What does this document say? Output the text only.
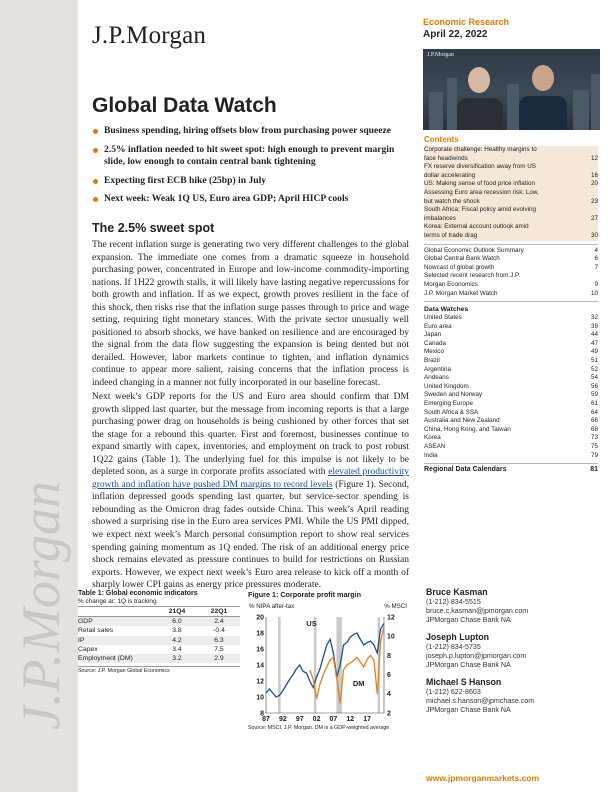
J.P.Morgan
J.P.Morgan	Economic Research
April 22, 2022
J.P.Morgan
Global Data Watch
Business spending, hiring offsets blow from purchasing power squeeze
2.5% inflation needed to hit sweet spot: high enough to prevent margin slide, low enough to contain central bank tightening
Expecting first ECB hike (25bp) in July
Next week: Weak 1Q US, Euro area GDP; April HICP cools
The 2.5% sweet spot

The recent inflation surge is generating two very different challenges to the global expansion. The immediate one comes from a dramatic squeeze in household purchasing power, concentrated in Europe and low-income commodity-importing nations. If 1H22 growth stalls, it will likely have lasting negative repercussions for both growth and inflation. If as we expect, growth proves resilient in the face of this shock, then risks rise that the inflation surge passes through to price and wage setting, requiring tight monetary stances. With the private sector unusually well positioned to absorb shocks, we have banked on resilience and are encouraged by the signal from the data flow suggesting the expansion is being dented but not derailed. However, labor markets continue to tighten, and inflation dynamics continue to appear more salient, raising concerns that the inflation process is indeed changing in a manner not fully incorporated in our baseline forecast.

Next week’s GDP reports for the US and Euro area should confirm that DM growth slipped last quarter, but the message from incoming reports is that a large purchasing power drag on households is being cushioned by other forces that set the stage for a rebound this quarter. First and foremost, businesses continue to expand smartly with capex, inventories, and employment on track to post robust 1Q22 gains (Table 1). The underlying fuel for this impulse is not likely to be depleted soon, as a surge in corporate profits associated with elevated productivity growth and inflation have pushed DM margins to record levels (Figure 1). Second, inflation depressed goods spending last quarter, but service-sector spending is rebounding as the Omicron drag fades outside China. This week’s April reading showed a surprising rise in the Euro area services PMI. While the US PMI dipped, we expect next week’s March personal consumption report to show real services spending gaining momentum as 1Q ended. The risk of an additional energy price shock remains elevated as pressure continues to build for restrictions on Russian exports. However, we expect next week’s Euro area release to kick off a month of sharply lower CPI gains as energy price pressures moderate.

Contents
Corporate challenge: Healthy margins to
face headwinds	12
FX reserve diversification away from US
dollar accelerating	16
US: Making sense of food price inflation	20
Assessing Euro area recession risk: Low,
but watch the shock	23
South Africa: Fiscal policy amid evolving
imbalances	27
Korea: External account outlook amid
terms of trade drag	30
Global Economic Outlook Summary	4
Global Central Bank Watch	6
Nowcast of global growth	7
Selected recent research from J.P.
Morgan Economics	9
J.P. Morgan Market Watch	10
Data Watches
United States	32
Euro area	39
Japan	44
Canada	47
Mexico	49
Brazil	51
Argentina	52
Andeans	54
United Kingdom	56
Sweden and Norway	59
Emerging Europe	61
South Africa & SSA	64
Australia and New Zealand	66
China, Hong Kong, and Taiwan	68
Korea	73
ASEAN	75
India	79
Regional Data Calendars	81
Table 1: Global economic indicators
% change ar; 1Q is tracking
21Q4	22Q1
GDP	6.0	2.4
Retail sales	3.8	-0.4
IP	4.2	6.3
Capex	3.4	7.5
Employment (DM)	3.2	2.9
Source: J.P. Morgan Global Economics
Figure 1: Corporate profit margin
% NIPA after-tax	% MSCI
8
10
12
14
16
18
20
2
4
6
8
10
12
87 92 97 02 07 12 17
US
DM
Source: MSCI, J.P. Morgan. DM is a GDP-weighted average
Bruce Kasman
(1-212) 834-5515
bruce.c.kasman@jpmorgan.com
JPMorgan Chase Bank NA
Joseph Lupton
(1-212) 834-5735
joseph.p.lupton@jpmorgan.com
JPMorgan Chase Bank NA
Michael S Hanson
(1-212) 622-8603
michael.s.hanson@jpmchase.com
JPMorgan Chase Bank NA
www.jpmorganmarkets.com
